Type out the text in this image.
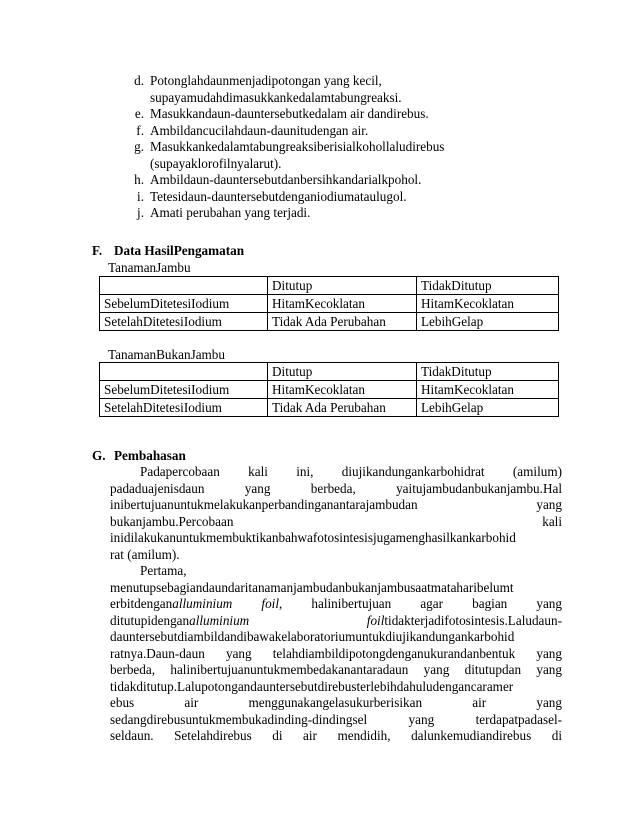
d. Potonglahdaunmenjadipotongan yang kecil,
supayamudahdimasukkankedalamtabungreaksi.
e. Masukkandaun-dauntersebutkedalam air dandirebus.
f. Ambildancucilahdaun-daunitudengan air.
g. Masukkankedalamtabungreaksiberisialkohollaludirebus
(supayaklorofilnyalarut).
h. Ambildaun-dauntersebutdanbersihkandarialkpohol.
i. Tetesidaun-dauntersebutdenganiodiumataulugol.
j. Amati perubahan yang terjadi.
F. Data HasilPengamatan
TanamanJambu
	Ditutup	TidakDitutup
SebelumDitetesiIodium	HitamKecoklatan	HitamKecoklatan
SetelahDitetesiIodium	Tidak Ada Perubahan	LebihGelap
TanamanBukanJambu
	Ditutup	TidakDitutup
SebelumDitetesiIodium	HitamKecoklatan	HitamKecoklatan
SetelahDitetesiIodium	Tidak Ada Perubahan	LebihGelap
G. Pembahasan
Padapercobaan kali ini, diujikandungankarbohidrat (amilum)
padaduajenisdaun yang berbeda, yaitujambudanbukanjambu.Hal
inibertujuanuntukmelakukanperbandinganantarajambudan yang
bukanjambu.Percobaan kali
inidilakukanuntukmembuktikanbahwafotosintesisjugamenghasilkankarbohid
rat (amilum).
Pertama,
menutupsebagiandaundaritanamanjambudanbukanjambusaatmataharibelumt
erbitdenganalluminium foil, halinibertujuan agar bagian yang
ditutupidenganalluminium foiltidakterjadifotosintesis.Laludaun-
dauntersebutdiambildandibawakelaboratoriumuntukdiujikandungankarbohid
ratnya.Daun-daun yang telahdiambildipotongdenganukurandanbentuk yang
berbeda, halinibertujuanuntukmembedakanantaradaun yang ditutupdan yang
tidakditutup.Lalupotongandauntersebutdirebusterlebihdahuludengancaramer
ebus air menggunakangelasukurberisikan air yang
sedangdirebusuntukmembukadinding-dindingsel yang terdapatpadasel-
seldaun. Setelahdirebus di air mendidih, dalunkemudiandirebus di
